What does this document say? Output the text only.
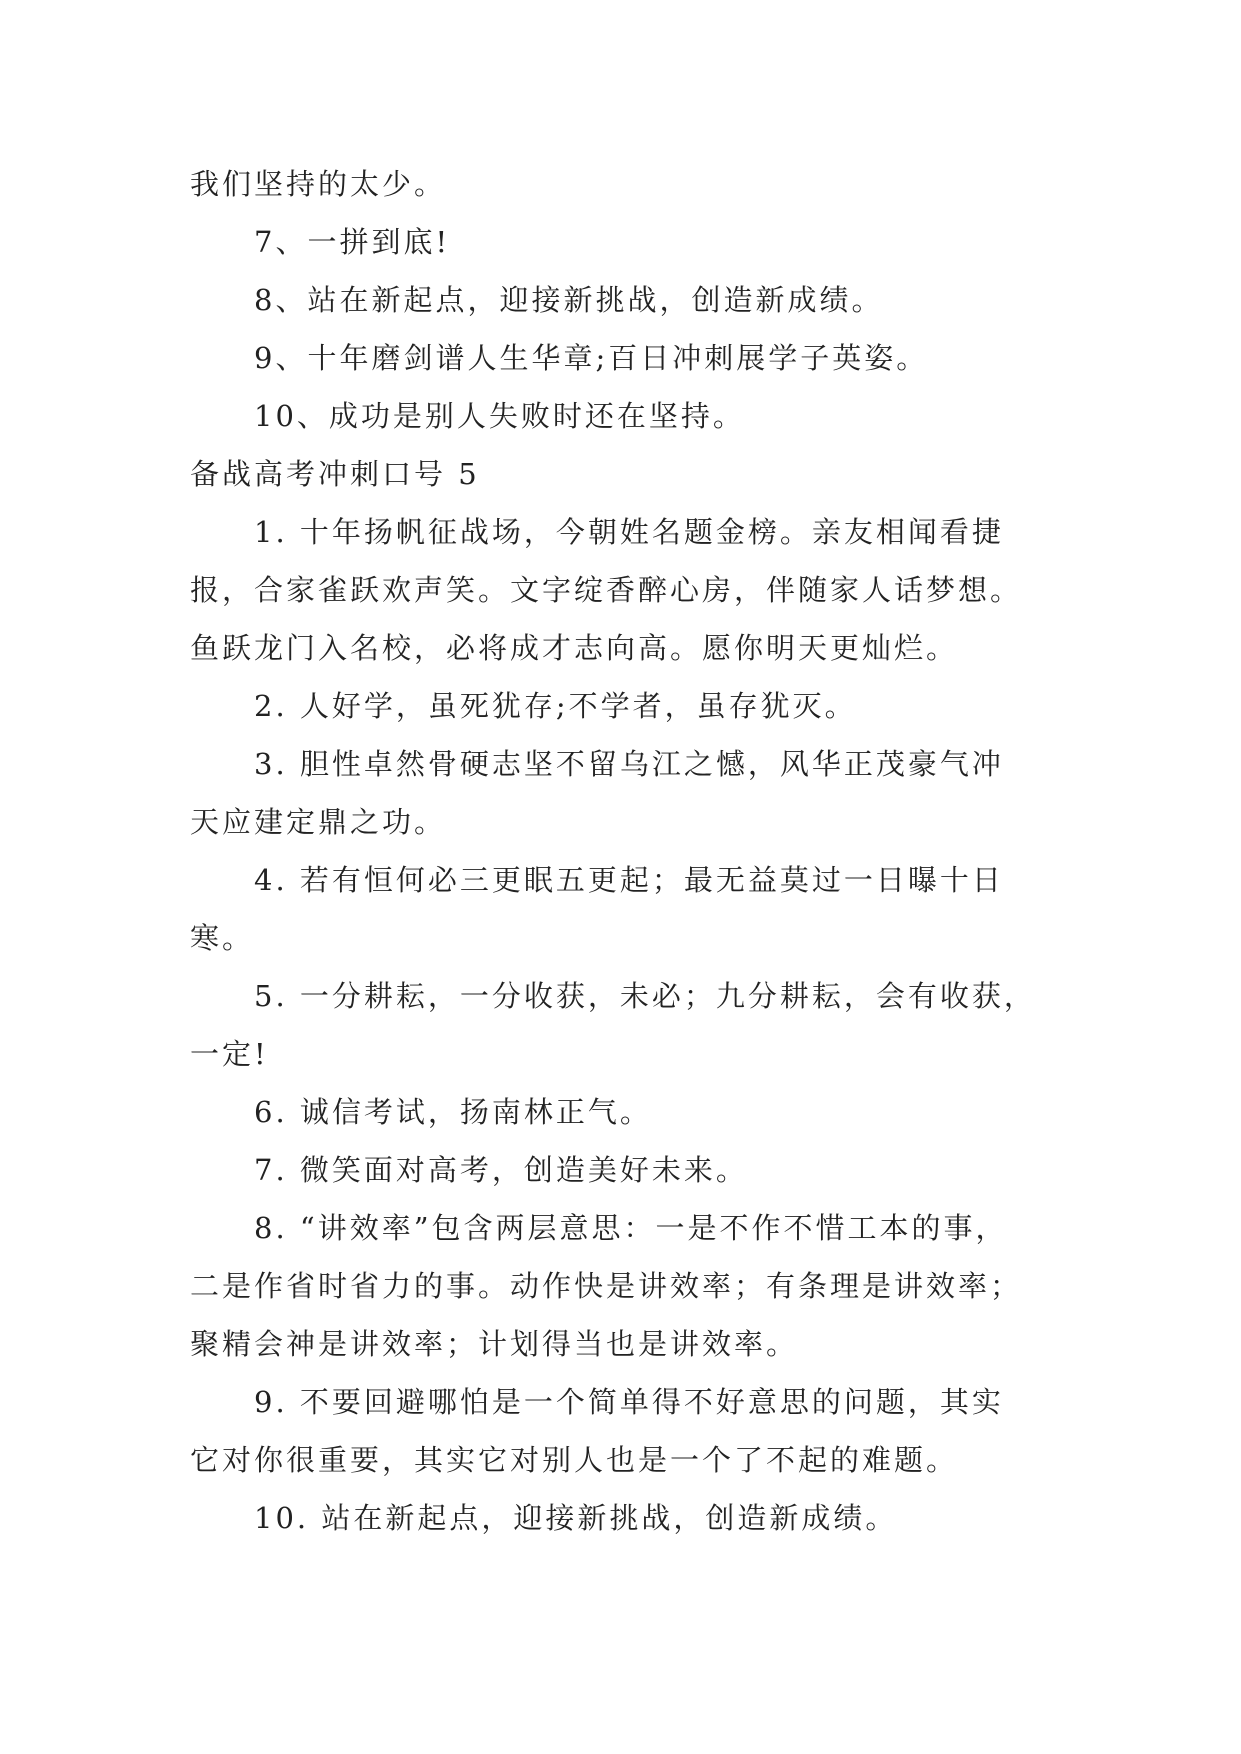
我们坚持的太少。
7、一拼到底!
8、站在新起点，迎接新挑战，创造新成绩。
9、十年磨剑谱人生华章;百日冲刺展学子英姿。
10、成功是别人失败时还在坚持。
备战高考冲刺口号 5
1. 十年扬帆征战场，今朝姓名题金榜。亲友相闻看捷
报，合家雀跃欢声笑。文字绽香醉心房，伴随家人话梦想。
鱼跃龙门入名校，必将成才志向高。愿你明天更灿烂。
2. 人好学，虽死犹存;不学者，虽存犹灭。
3. 胆性卓然骨硬志坚不留乌江之憾，风华正茂豪气冲
天应建定鼎之功。
4. 若有恒何必三更眠五更起；最无益莫过一日曝十日
寒。
5. 一分耕耘，一分收获，未必；九分耕耘，会有收获，
一定!
6. 诚信考试，扬南林正气。
7. 微笑面对高考，创造美好未来。
8. “讲效率”包含两层意思：一是不作不惜工本的事，
二是作省时省力的事。动作快是讲效率；有条理是讲效率；
聚精会神是讲效率；计划得当也是讲效率。
9. 不要回避哪怕是一个简单得不好意思的问题，其实
它对你很重要，其实它对别人也是一个了不起的难题。
10. 站在新起点，迎接新挑战，创造新成绩。
